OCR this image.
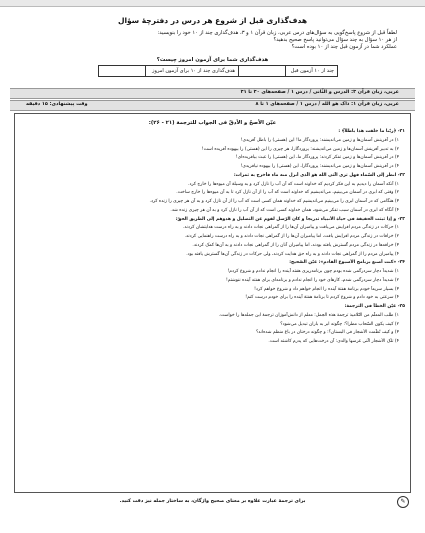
هدف‌گذاری قبل از شروع هر درس در دفترچهٔ سؤال
لطفاً قبل از شروع پاسخ‌گویی به سؤال‌های درس عربی، زبان قرآن ۱ و ۳، هدف‌گذاری چند از ۱۰ خود را بنویسید:
از هر ۱۰ سؤال به چند سؤال می‌توانید پاسخ صحیح بدهید؟
عملکرد شما در آزمون قبل چند از ۱۰ بوده است؟
هدف‌گذاری شما برای آزمون امروز چیست؟
چند از ۱۰ آزمون قبل		هدف‌گذاری چند از ۱۰ برای آزمون امروز	
عربی، زبان قرآن ۳: الدرس و الثّانی / درس ۱ / صفحه‌های ۴۰ تا ۴۱
عربی، زبان قرآن ۱: ذاک هو الله / درس ۱ / صفحه‌های ۱ تا ۸
وقت پیشنهادی: ۱۵ دقیقه
عیّن الأصحّ و الأدقّ فی الجواب للترجمة (۲۱ - ۲۶):
۲۱- ﴿ربّنا ما خلقت هذا باطلاً﴾ :
۱) در آفرینش آسمان‌ها و زمین می‌اندیشند: پروردگار ما! این (هستی) را باطل آفریدی!
۲) به تدبیر آفرینش آسمان‌ها و زمین می‌اندیشند: پروردگارا، هر چیزی را این (هستی) را بیهوده آفریده است!
۳) در آفرینش آسمان‌ها و زمین تفکر کردند: پروردگار ما، این (هستی) را عبث بیافریده‌ای!
۴) در آفرینش آسمان‌ها و زمین می‌اندیشند: پروردگارا، این (هستی) را بیهوده نیافریدی!
۲۲- انظر إلی السّماء فهل تری الّتی الله هو الّذی أنزل منه ماء فأخرج به ثمرات:
۱) آنکه آسمان را دیدیم به این فکر کردیم که خداوند است که آن آب را نازل کرد و به وسیلهٔ آن میوه‌ها را خارج کرد.
۲) وقتی که ابری در آسمان می‌بینیم، می‌اندیشیم که خداوند است که آب را از آن نازل کرد تا به آن میوه‌ها را خارج ساخت.
۳) هنگامی که در آسمان ابری را می‌بینیم می‌اندیشیم که خداوند همان کسی است که آب را از آن نازل کرد و به آن هر چیزی را زنده کرد.
۴) آنگاه که ابری در آسمان سبب تفکر می‌شود، همان خداوند کسی است که از آن آب را نازل کرد و به آن هر چیزی زنده شد.
۲۳- و إذا ثبتت الحقیقة فی حیاة الأنبیاء تدریجاً و کان الرّسل لقوم عن التضلیل و هدوهم إلی الطریق الحقّ:
۱) حرکات در زندگی مردم افزایش می‌یافت و پیامبران آن‌ها را از گمراهی نجات دادند و به راه درست هدایتشان کردند.
۲) خرافات در زندگی مردم افزایش یافت، اما پیامبران آن‌ها را از گمراهی نجات دادند و به راه درست راهنمایی کردند.
۳) خرافه‌ها در زندگی مردم گسترش یافته بودند، اما پیامبران آنان را از گمراهی نجات دادند و به آن‌ها کمک کردند.
۴) پیامبران مردم را از گمراهی نجات دادند و به راه حق هدایت کردند، ولی حرکات در زندگی آن‌ها گسترش یافته بود.
۲۴- «کنت أصنع برنامج الأسبوع القادم»: عیّن الصّحیح:
۱) شدیداً دچار سردرگمی شده بودم چون برنامه‌ریزی هفته آینده را انجام ندادم و شروع کردم!
۲) شدیداً دچار سردرگمی شدم، کارهای خود را انجام ندادم و برنامه‌ای برای هفته آینده ننوشتم!
۳) بسیار سریعاً خودم برنامهٔ هفتهٔ آینده را انجام خواهم داد و شروع خواهم کرد!
۴) سرعتی به خود دادم و شروع کردم تا برنامهٔ هفتهٔ آینده را برای خودم درست کنم!
۲۵- عیّن الخطأ فی الترجمة:
۱) طلب المعلّم من التّلامیذ ترجمة هذه الجمل: معلم از دانش‌آموزان ترجمهٔ این جمله‌ها را خواست.
۲) کیف یکون السّحاب مطرا؟: چگونه ابر به باران تبدیل می‌شود؟
۳) و کیف نُظّمت الأشجار فی البستان؟: و چگونه درختان در باغ منظم شده‌اند؟
۴) تلک الأشجار الّتی غرسها والدی: آن درخت‌هایی که پدرم کاشته است.
✎
برای ترجمهٔ عبارت علاوه بر معنای صحیح واژگان، به ساختار جمله نیز دقت کنید.
